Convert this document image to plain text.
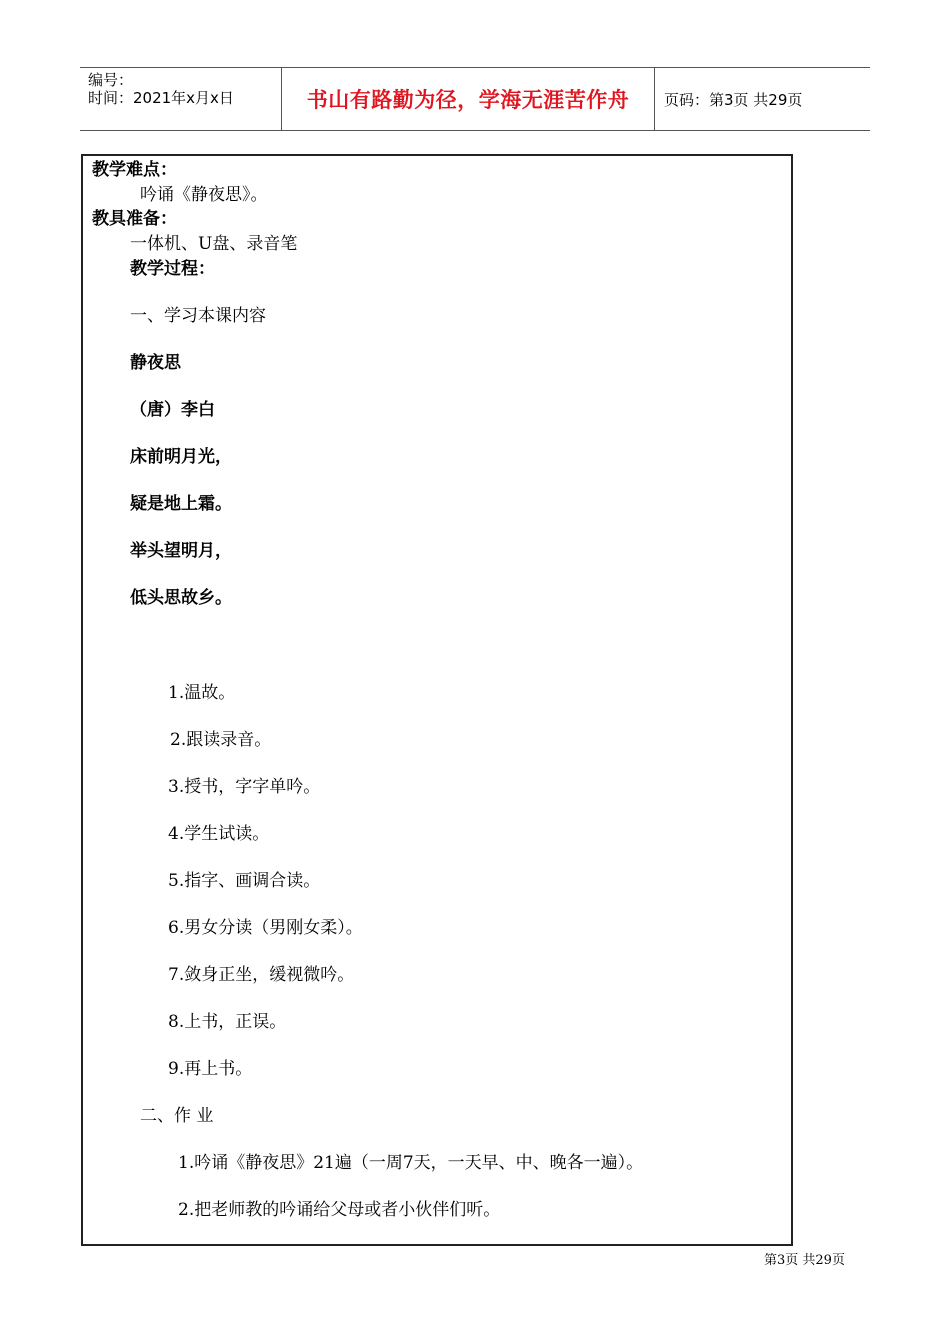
编号：
时间：2021年x月x日	书山有路勤为径，学海无涯苦作舟	页码：第3页 共29页
教学难点：
吟诵《静夜思》。
教具准备：
一体机、U盘、录音笔
教学过程：
一、学习本课内容
静夜思
（唐）李白
床前明月光，
疑是地上霜。
举头望明月，
低头思故乡。
1.温故。
2.跟读录音。
3.授书，字字单吟。
4.学生试读。
5.指字、画调合读。
6.男女分读（男刚女柔）。
7.敛身正坐，缓视微吟。
8.上书，正误。
9.再上书。
二、作 业
1.吟诵《静夜思》21遍（一周7天，一天早、中、晚各一遍）。
2.把老师教的吟诵给父母或者小伙伴们听。
第3页 共29页
